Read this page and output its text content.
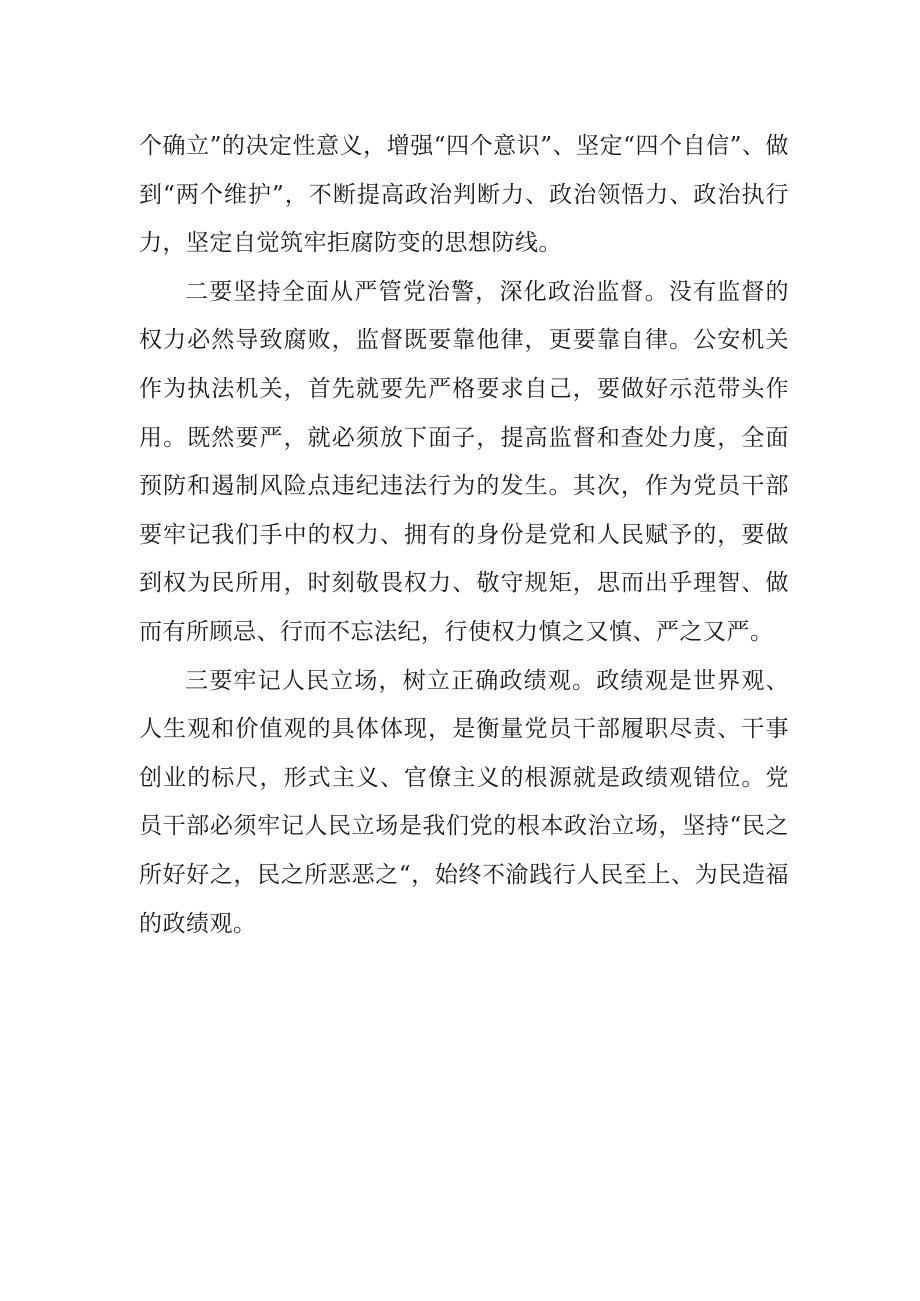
个确立”的决定性意义，增强“四个意识”、坚定“四个自信”、做到“两个维护”，不断提高政治判断力、政治领悟力、政治执行力，坚定自觉筑牢拒腐防变的思想防线。

二要坚持全面从严管党治警，深化政治监督。没有监督的权力必然导致腐败，监督既要靠他律，更要靠自律。公安机关作为执法机关，首先就要先严格要求自己，要做好示范带头作用。既然要严，就必须放下面子，提高监督和查处力度，全面预防和遏制风险点违纪违法行为的发生。其次，作为党员干部要牢记我们手中的权力、拥有的身份是党和人民赋予的，要做到权为民所用，时刻敬畏权力、敬守规矩，思而出乎理智、做而有所顾忌、行而不忘法纪，行使权力慎之又慎、严之又严。

三要牢记人民立场，树立正确政绩观。政绩观是世界观、人生观和价值观的具体体现，是衡量党员干部履职尽责、干事创业的标尺，形式主义、官僚主义的根源就是政绩观错位。党员干部必须牢记人民立场是我们党的根本政治立场，坚持“民之所好好之，民之所恶恶之“，始终不渝践行人民至上、为民造福的政绩观。
